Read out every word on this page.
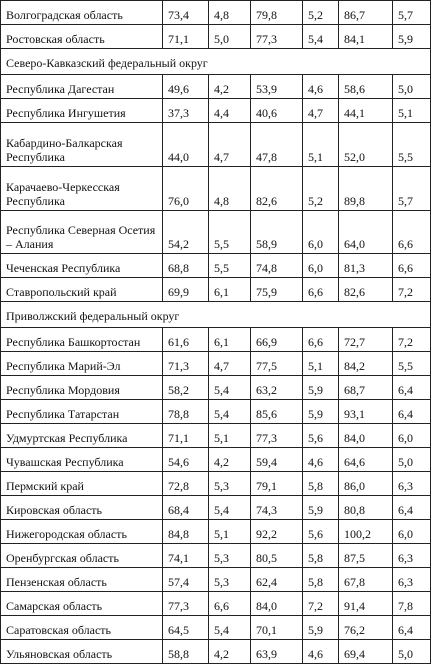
Волгоградская область	73,4	4,8	79,8	5,2	86,7	5,7
Ростовская область	71,1	5,0	77,3	5,4	84,1	5,9
Северо-Кавказский федеральный округ						
Республика Дагестан	49,6	4,2	53,9	4,6	58,6	5,0
Республика Ингушетия	37,3	4,4	40,6	4,7	44,1	5,1
Кабардино-Балкарская Республика	44,0	4,7	47,8	5,1	52,0	5,5
Карачаево-Черкесская Республика	76,0	4,8	82,6	5,2	89,8	5,7
Республика Северная Осетия – Алания	54,2	5,5	58,9	6,0	64,0	6,6
Чеченская Республика	68,8	5,5	74,8	6,0	81,3	6,6
Ставропольский край	69,9	6,1	75,9	6,6	82,6	7,2
Приволжский федеральный округ						
Республика Башкортостан	61,6	6,1	66,9	6,6	72,7	7,2
Республика Марий-Эл	71,3	4,7	77,5	5,1	84,2	5,5
Республика Мордовия	58,2	5,4	63,2	5,9	68,7	6,4
Республика Татарстан	78,8	5,4	85,6	5,9	93,1	6,4
Удмуртская Республика	71,1	5,1	77,3	5,6	84,0	6,0
Чувашская Республика	54,6	4,2	59,4	4,6	64,6	5,0
Пермский край	72,8	5,3	79,1	5,8	86,0	6,3
Кировская область	68,4	5,4	74,3	5,9	80,8	6,4
Нижегородская область	84,8	5,1	92,2	5,6	100,2	6,0
Оренбургская область	74,1	5,3	80,5	5,8	87,5	6,3
Пензенская область	57,4	5,3	62,4	5,8	67,8	6,3
Самарская область	77,3	6,6	84,0	7,2	91,4	7,8
Саратовская область	64,5	5,4	70,1	5,9	76,2	6,4
Ульяновская область	58,8	4,2	63,9	4,6	69,4	5,0
